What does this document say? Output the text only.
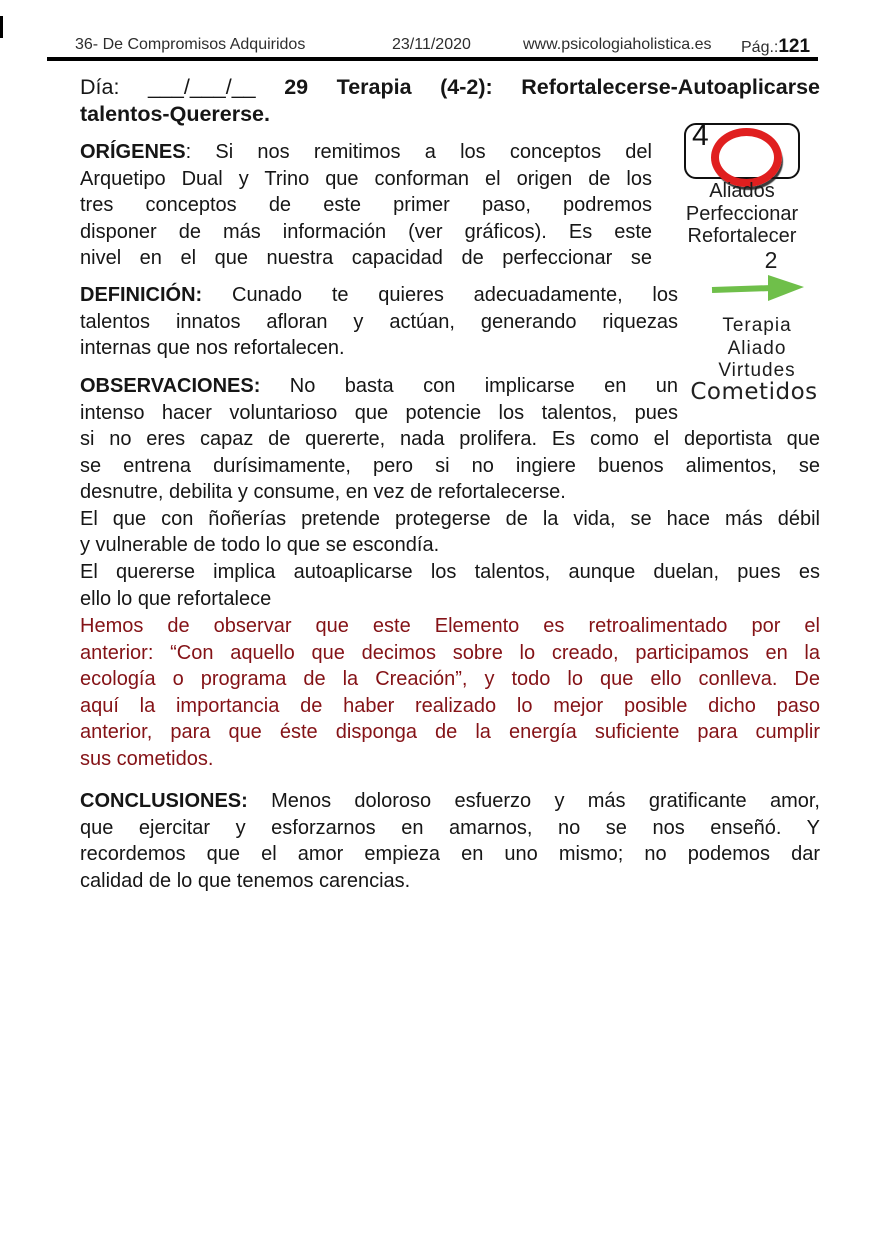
36- De Compromisos Adquiridos	23/11/2020	www.psicologiaholistica.es Pág.:121
Día: ___/___/__ 29 Terapia (4-2): Refortalecerse-Autoaplicarse
talentos-Quererse.
ORÍGENES: Si nos remitimos a los conceptos del
Arquetipo Dual y Trino que conforman el origen de los
tres conceptos de este primer paso, podremos
disponer de más información (ver gráficos). Es este
nivel en el que nuestra capacidad de perfeccionar se
4
Aliados
Perfeccionar
Refortalecer
2
DEFINICIÓN: Cunado te quieres adecuadamente, los
talentos innatos afloran y actúan, generando riquezas
internas que nos refortalecen.
Terapia
Aliado
Virtudes
Cometidos
OBSERVACIONES: No basta con implicarse en un
intenso hacer voluntarioso que potencie los talentos, pues
si no eres capaz de quererte, nada prolifera. Es como el deportista que
se entrena durísimamente, pero si no ingiere buenos alimentos, se
desnutre, debilita y consume, en vez de refortalecerse.
El que con ñoñerías pretende protegerse de la vida, se hace más débil
y vulnerable de todo lo que se escondía.
El quererse implica autoaplicarse los talentos, aunque duelan, pues es
ello lo que refortalece
Hemos de observar que este Elemento es retroalimentado por el
anterior: “Con aquello que decimos sobre lo creado, participamos en la
ecología o programa de la Creación”, y todo lo que ello conlleva. De
aquí la importancia de haber realizado lo mejor posible dicho paso
anterior, para que éste disponga de la energía suficiente para cumplir
sus cometidos.
CONCLUSIONES: Menos doloroso esfuerzo y más gratificante amor,
que ejercitar y esforzarnos en amarnos, no se nos enseñó. Y
recordemos que el amor empieza en uno mismo; no podemos dar
calidad de lo que tenemos carencias.
